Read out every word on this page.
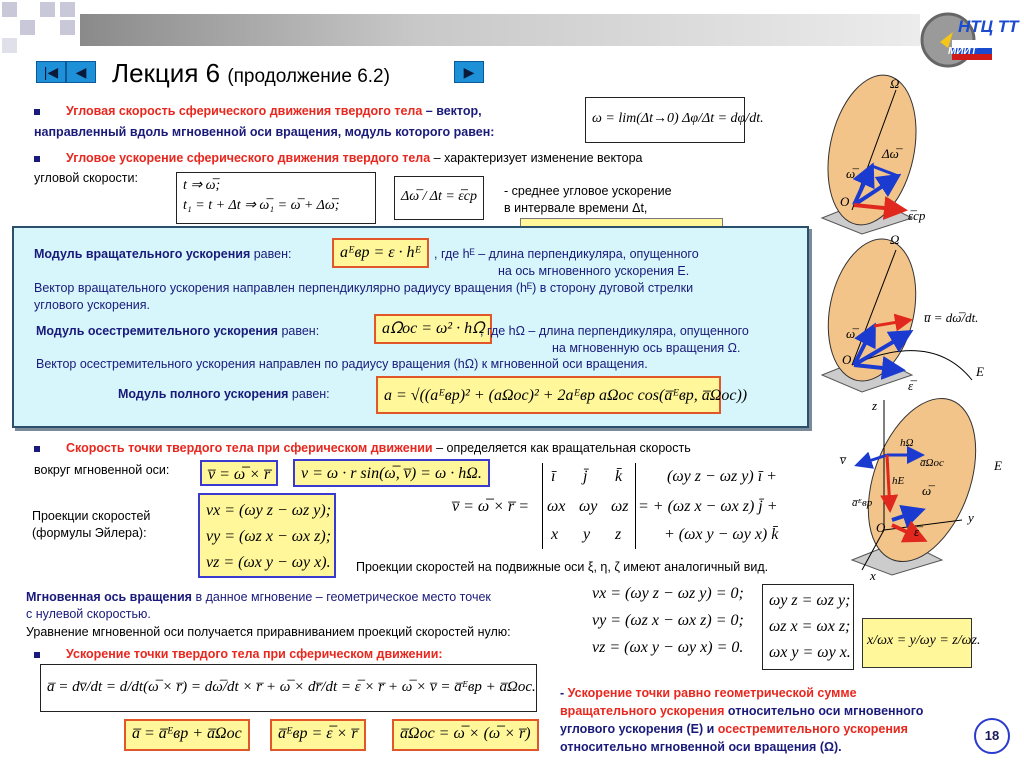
НТЦ ТТ
МИИТ
|◀	◀	▶
Лекция 6 (продолжение 6.2)
Угловая скорость сферического движения твердого тела – вектор,
направленный вдоль мгновенной оси вращения, модуль которого равен:
ω = lim(Δt→0) Δφ/Δt = dφ/dt.
Угловое ускорение сферического движения твердого тела – характеризует изменение вектора
угловой скорости:	t ⇒ ω̅;
t₁ = t + Δt ⇒ ω̅₁ = ω̅ + Δω̅;
Δω̅ / Δt = ε̅ср	- среднее угловое ускорение
в интервале времени Δt,
Модуль вращательного ускорения равен:	aᴱвр = ε · hᴱ	, где hᴱ – длина перпендикуляра, опущенного
на ось мгновенного ускорения E.
Вектор вращательного ускорения направлен перпендикулярно радиусу вращения (hᴱ) в сторону дуговой стрелки
углового ускорения.
Модуль осестремительного ускорения равен:	aᘯос = ω² · hᘯ
, где hΩ – длина перпендикуляра, опущенного
на мгновенную ось вращения Ω.
Вектор осестремительного ускорения направлен по радиусу вращения (hΩ) к мгновенной оси вращения.
Модуль полного ускорения равен:	a = √((aᴱвр)² + (aΩос)² + 2aᴱвр aΩос cos(a̅ᴱвр, a̅Ωос))
Скорость точки твердого тела при сферическом движении – определяется как вращательная скорость
вокруг мгновенной оси:	v̅ = ω̅ × r̅	v = ω · r sin(ω̅, v̅) = ω · hΩ.
v̅ = ω̅ × r̅ =
ī j̄ k̄
ωx ωy ωz
x y z
(ωy z − ωz y) ī +
= + (ωz x − ωx z) j̄ +
+ (ωx y − ωy x) k̄
Проекции скоростей
(формулы Эйлера):
vx = (ωy z − ωz y);
vy = (ωz x − ωx z);
vz = (ωx y − ωy x). Проекции скоростей на подвижные оси ξ, η, ζ имеют аналогичный вид.
Мгновенная ось вращения в данное мгновение – геометрическое место точек
с нулевой скоростью.
Уравнение мгновенной оси получается приравниванием проекций скоростей нулю:
vx = (ωy z − ωz y) = 0;
vy = (ωz x − ωx z) = 0;
vz = (ωx y − ωy x) = 0.
ωy z = ωz y;
ωz x = ωx z;
ωx y = ωy x.
x/ωx = y/ωy = z/ωz.
Ускорение точки твердого тела при сферическом движении:
a̅ = dv̅/dt = d/dt(ω̅ × r̅) = dω̅/dt × r̅ + ω̅ × dr̅/dt = ε̅ × r̅ + ω̅ × v̅ = a̅ᴱвр + a̅Ωос.
a̅ = a̅ᴱвр + a̅Ωос	a̅ᴱвр = ε̅ × r̅	a̅Ωос = ω̅ × (ω̅ × r̅)
- Ускорение точки равно геометрической сумме
вращательного ускорения относительно оси мгновенного
углового ускорения (E) и осестремительного ускорения
относительно мгновенной оси вращения (Ω).
18
Ω
ω̅
Δω̅
O
ε̅ср
Ω
ω̅
u̅ = dω̅/dt.
O
ε̅
E
z
hΩ
a̅Ωос
v̅	E
a̅ᴱвр
hE
ω̅
ε̅
O
y
x
